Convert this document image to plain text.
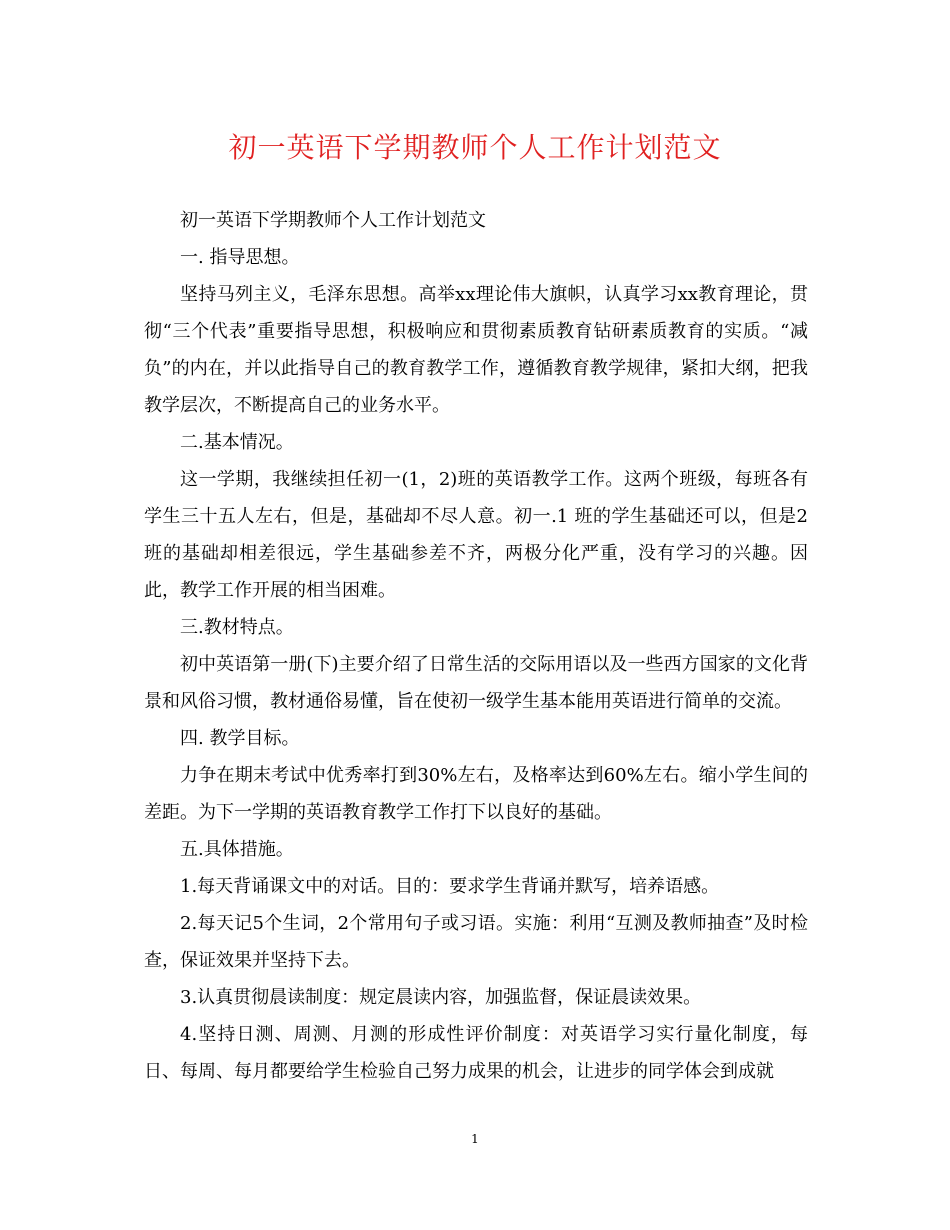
初一英语下学期教师个人工作计划范文

初一英语下学期教师个人工作计划范文

一. 指导思想。

坚持马列主义，毛泽东思想。高举xx理论伟大旗帜，认真学习xx教育理论，贯彻“三个代表”重要指导思想，积极响应和贯彻素质教育钻研素质教育的实质。“减负”的内在，并以此指导自己的教育教学工作，遵循教育教学规律，紧扣大纲，把我教学层次，不断提高自己的业务水平。

二.基本情况。

这一学期，我继续担任初一(1，2)班的英语教学工作。这两个班级，每班各有学生三十五人左右，但是，基础却不尽人意。初一.1 班的学生基础还可以，但是2班的基础却相差很远，学生基础参差不齐，两极分化严重，没有学习的兴趣。因此，教学工作开展的相当困难。

三.教材特点。

初中英语第一册(下)主要介绍了日常生活的交际用语以及一些西方国家的文化背景和风俗习惯，教材通俗易懂，旨在使初一级学生基本能用英语进行简单的交流。

四. 教学目标。

力争在期末考试中优秀率打到30%左右，及格率达到60%左右。缩小学生间的差距。为下一学期的英语教育教学工作打下以良好的基础。

五.具体措施。

1.每天背诵课文中的对话。目的：要求学生背诵并默写，培养语感。

2.每天记5个生词，2个常用句子或习语。实施：利用“互测及教师抽查”及时检查，保证效果并坚持下去。

3.认真贯彻晨读制度：规定晨读内容，加强监督，保证晨读效果。

4.坚持日测、周测、月测的形成性评价制度：对英语学习实行量化制度，每日、每周、每月都要给学生检验自己努力成果的机会，让进步的同学体会到成就

1
